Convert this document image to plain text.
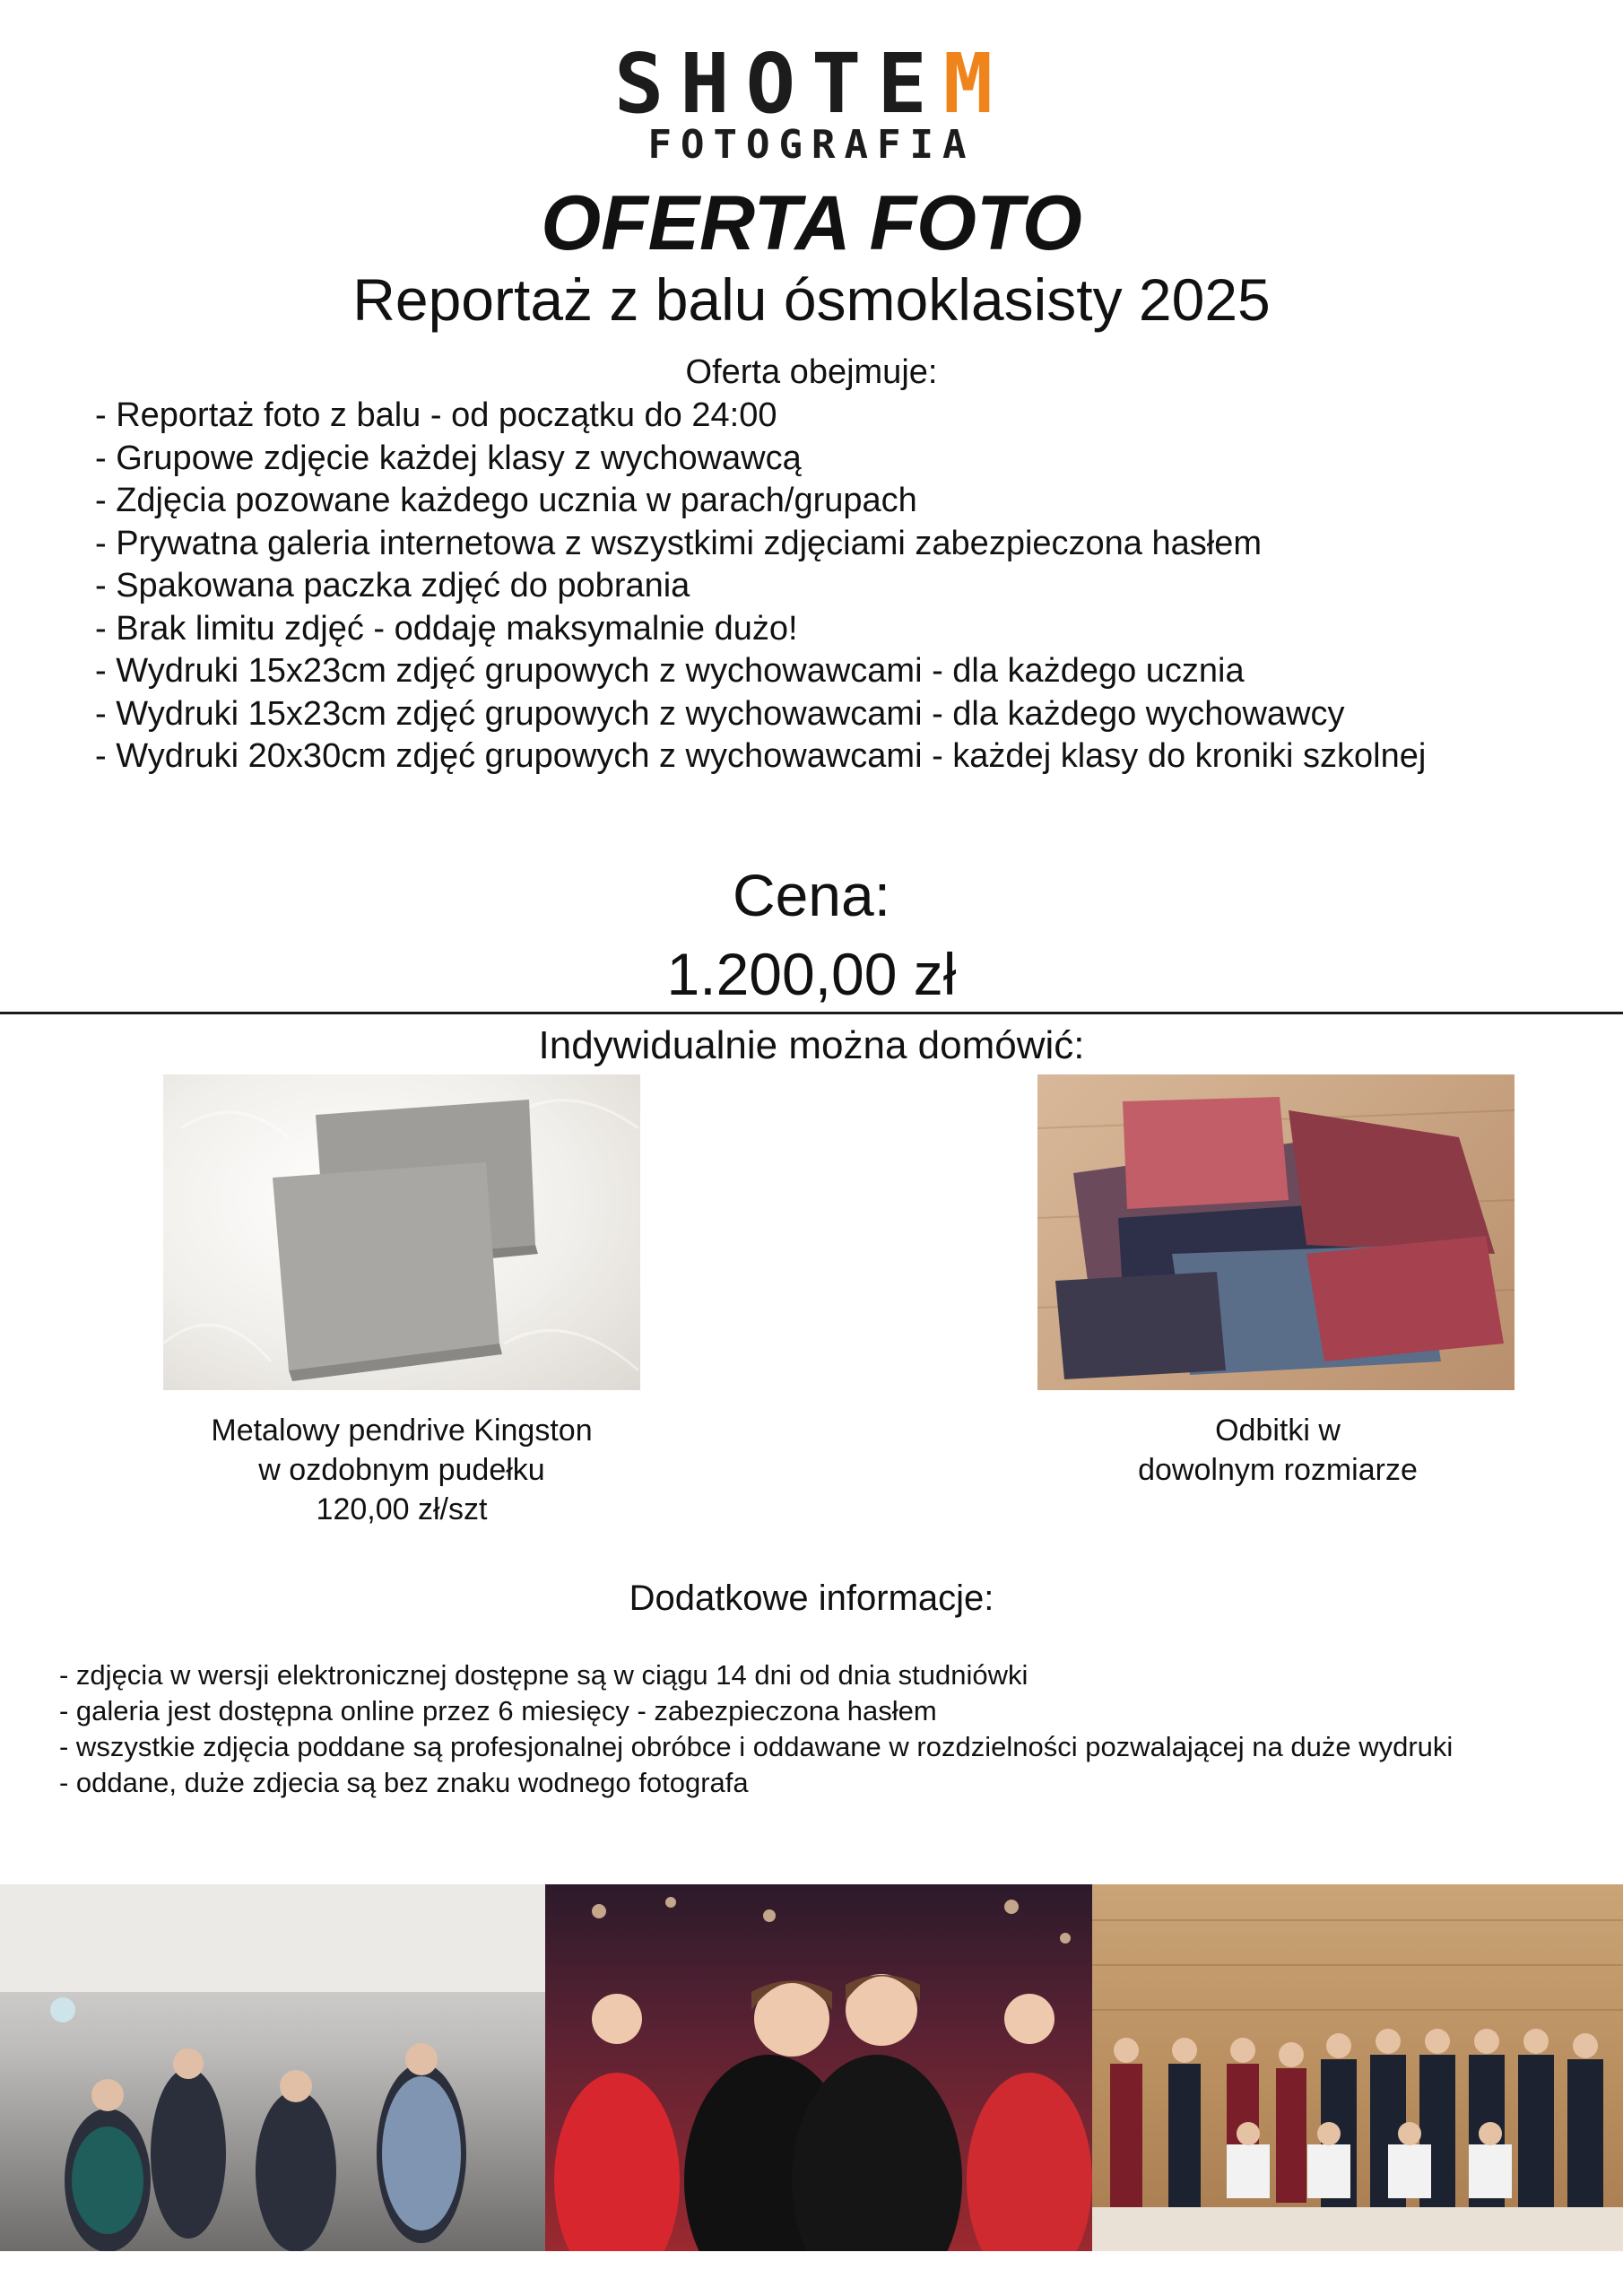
SHOTEM
FOTOGRAFIA
OFERTA FOTO
Reportaż z balu ósmoklasisty 2025
Oferta obejmuje:
- Reportaż foto z balu - od początku do 24:00
- Grupowe zdjęcie każdej klasy z wychowawcą
- Zdjęcia pozowane każdego ucznia w parach/grupach
- Prywatna galeria internetowa z wszystkimi zdjęciami zabezpieczona hasłem
- Spakowana paczka zdjęć do pobrania
- Brak limitu zdjęć - oddaję maksymalnie dużo!
- Wydruki 15x23cm zdjęć grupowych z wychowawcami - dla każdego ucznia
- Wydruki 15x23cm zdjęć grupowych z wychowawcami - dla każdego wychowawcy
- Wydruki 20x30cm zdjęć grupowych z wychowawcami - każdej klasy do kroniki szkolnej
Cena:
1.200,00 zł
Indywidualnie można domówić:
Metalowy pendrive Kingston
w ozdobnym pudełku
120,00 zł/szt
Odbitki w
dowolnym rozmiarze
Dodatkowe informacje:
- zdjęcia w wersji elektronicznej dostępne są w ciągu 14 dni od dnia studniówki
- galeria jest dostępna online przez 6 miesięcy - zabezpieczona hasłem
- wszystkie zdjęcia poddane są profesjonalnej obróbce i oddawane w rozdzielności pozwalającej na duże wydruki
- oddane, duże zdjecia są bez znaku wodnego fotografa
